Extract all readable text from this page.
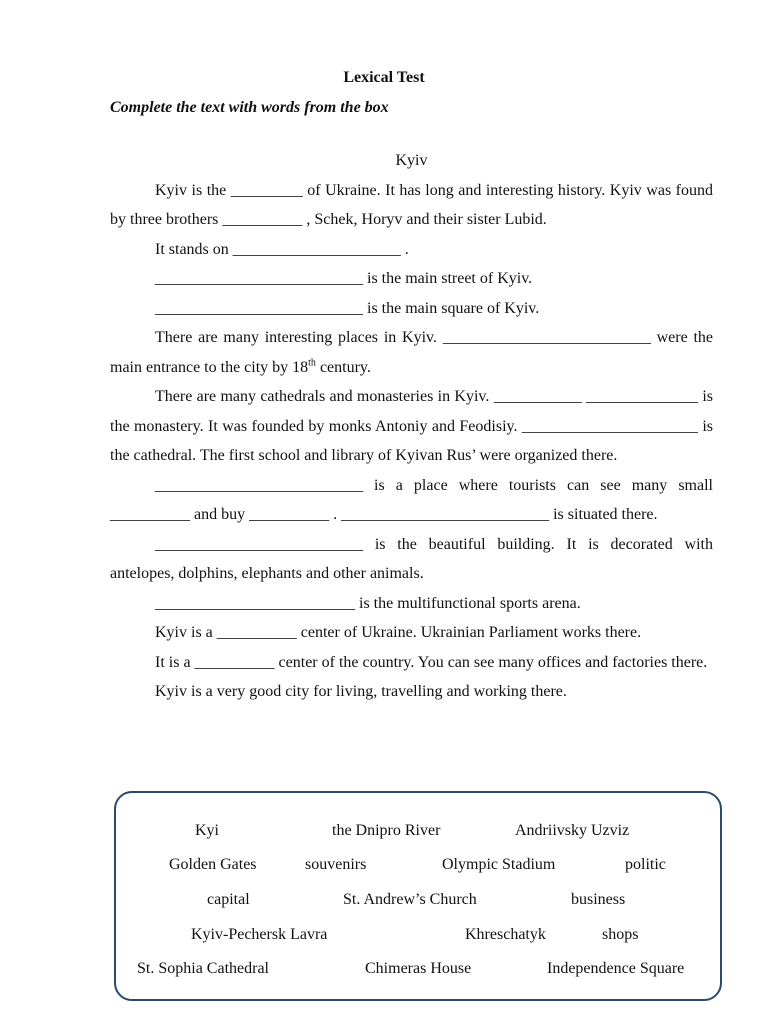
Lexical Test

Complete the text with words from the box

Kyiv

Kyiv is the _________ of Ukraine. It has long and interesting history. Kyiv was found by three brothers __________ , Schek, Horyv and their sister Lubid.

It stands on _____________________ .

__________________________ is the main street of Kyiv.

__________________________ is the main square of Kyiv.

There are many interesting places in Kyiv. __________________________ were the main entrance to the city by 18th century.

There are many cathedrals and monasteries in Kyiv. ___________ ______________ is the monastery. It was founded by monks Antoniy and Feodisiy. ______________________ is the cathedral. The first school and library of Kyivan Rus’ were organized there.

__________________________ is a place where tourists can see many small __________ and buy __________ . __________________________ is situated there.

__________________________ is the beautiful building. It is decorated with antelopes, dolphins, elephants and other animals.

_________________________ is the multifunctional sports arena.

Kyiv is a __________ center of Ukraine. Ukrainian Parliament works there.

It is a __________ center of the country. You can see many offices and factories there.

Kyiv is a very good city for living, travelling and working there.

Kyi	the Dnipro River	Andriivsky Uzviz
Golden Gates	souvenirs	Olympic Stadium	politic
capital	St. Andrew’s Church	business
Kyiv-Pechersk Lavra	Khreschatyk	shops
St. Sophia Cathedral	Chimeras House	Independence Square
